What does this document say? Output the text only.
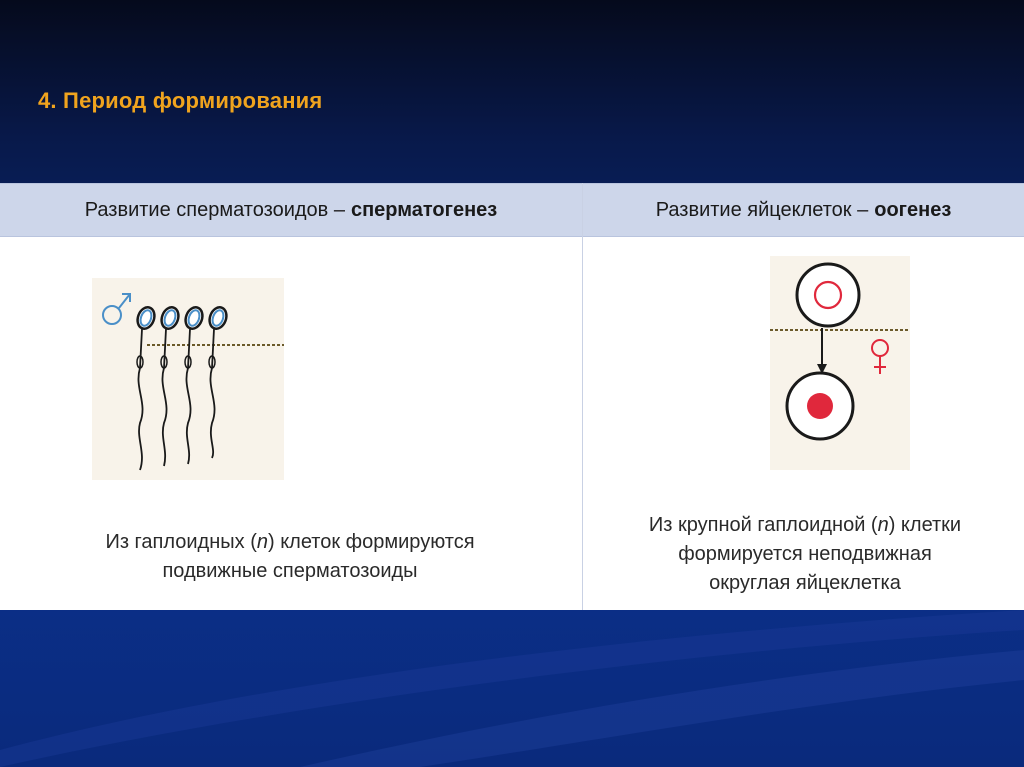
4. Период формирования
Развитие сперматозоидов – сперматогенез	Развитие яйцеклеток – оогенез
Из гаплоидных (n) клеток формируются
подвижные сперматозоиды
Из крупной гаплоидной (n) клетки
формируется неподвижная
округлая яйцеклетка
